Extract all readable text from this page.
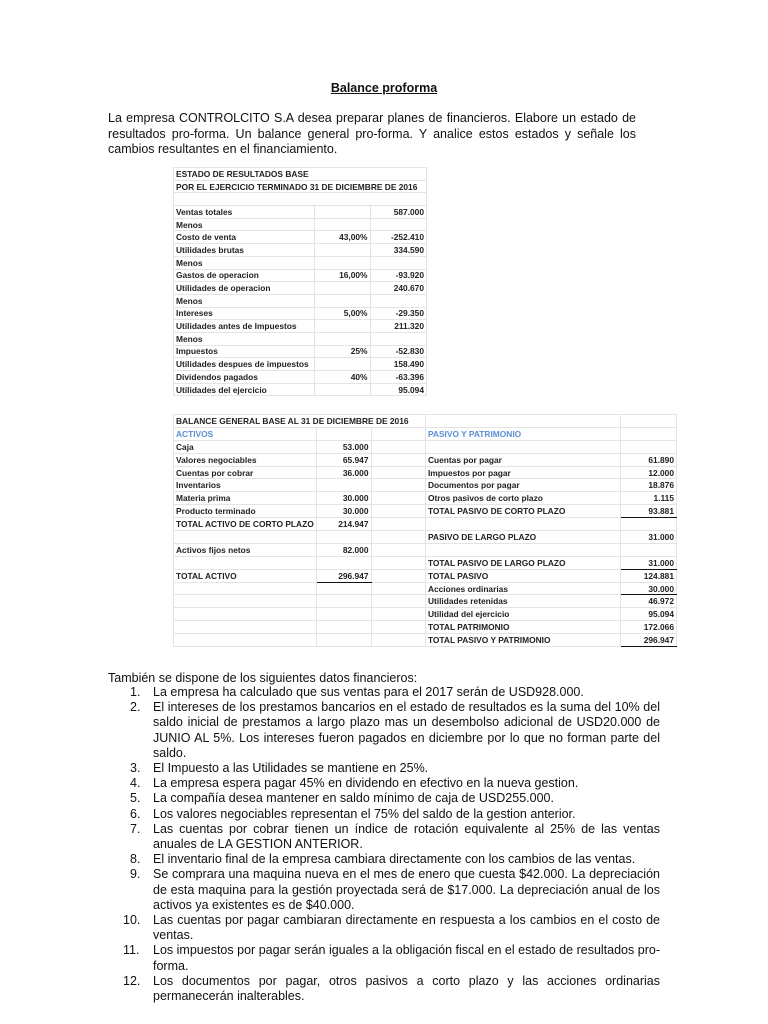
Balance proforma

La empresa CONTROLCITO S.A desea preparar planes de financieros. Elabore un estado de resultados pro-forma. Un balance general pro-forma. Y analice estos estados y señale los cambios resultantes en el financiamiento.

ESTADO DE RESULTADOS BASE		
POR EL EJERCICIO TERMINADO 31 DE DICIEMBRE DE 2016		

Ventas totales		587.000
Menos		
Costo de venta	43,00%	-252.410
Utilidades brutas		334.590
Menos		
Gastos de operacion	16,00%	-93.920
Utilidades de operacion		240.670
Menos		
Intereses	5,00%	-29.350
Utilidades antes de Impuestos		211.320
Menos		
Impuestos	25%	-52.830
Utilidades despues de impuestos		158.490
Dividendos pagados	40%	-63.396
Utilidades del ejercicio		95.094
BALANCE GENERAL BASE AL 31 DE DICIEMBRE DE 2016				
ACTIVOS			PASIVO Y PATRIMONIO	
Caja	53.000			
Valores negociables	65.947		Cuentas por pagar	61.890
Cuentas por cobrar	36.000		Impuestos por pagar	12.000
Inventarios			Documentos por pagar	18.876
Materia prima	30.000		Otros pasivos de corto plazo	1.115
Producto terminado	30.000		TOTAL PASIVO DE CORTO PLAZO	93.881
TOTAL ACTIVO DE CORTO PLAZO	214.947			
			PASIVO DE LARGO PLAZO	31.000
Activos fijos netos	82.000			
			TOTAL PASIVO DE LARGO PLAZO	31.000
TOTAL ACTIVO	296.947		TOTAL PASIVO	124.881
			Acciones ordinarias	30.000
			Utilidades retenidas	46.972
			Utilidad del ejercicio	95.094
			TOTAL PATRIMONIO	172.066
			TOTAL PASIVO Y PATRIMONIO	296.947
También se dispone de los siguientes datos financieros:
1.	La empresa ha calculado que sus ventas para el 2017 serán de USD928.000.
2.	El intereses de los prestamos bancarios en el estado de resultados es la suma del 10% del saldo inicial de prestamos a largo plazo mas un desembolso adicional de USD20.000 de JUNIO AL 5%. Los intereses fueron pagados en diciembre por lo que no forman parte del saldo.
3.	El Impuesto a las Utilidades se mantiene en 25%.
4.	La empresa espera pagar 45% en dividendo en efectivo en la nueva gestion.
5.	La compañía desea mantener en saldo mínimo de caja de USD255.000.
6.	Los valores negociables representan el 75% del saldo de la gestion anterior.
7.	Las cuentas por cobrar tienen un índice de rotación equivalente al 25% de las ventas anuales de LA GESTION ANTERIOR.
8.	El inventario final de la empresa cambiara directamente con los cambios de las ventas.
9.	Se comprara una maquina nueva en el mes de enero que cuesta $42.000. La depreciación de esta maquina para la gestión proyectada será de $17.000. La depreciación anual de los activos ya existentes es de $40.000.
10.	Las cuentas por pagar cambiaran directamente en respuesta a los cambios en el costo de ventas.
11.	Los impuestos por pagar serán iguales a la obligación fiscal en el estado de resultados pro-forma.
12.	Los documentos por pagar, otros pasivos a corto plazo y las acciones ordinarias permanecerán inalterables.
